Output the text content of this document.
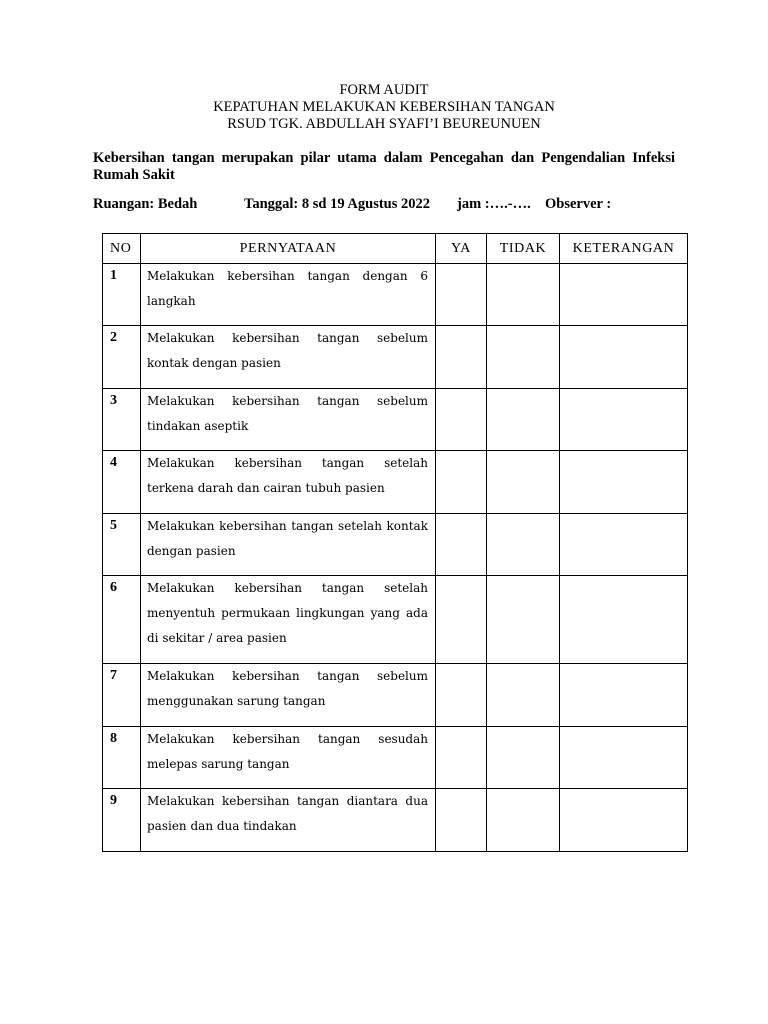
FORM AUDIT
KEPATUHAN MELAKUKAN KEBERSIHAN TANGAN
RSUD TGK. ABDULLAH SYAFI’I BEUREUNUEN
Kebersihan tangan merupakan pilar utama dalam Pencegahan dan Pengendalian Infeksi Rumah Sakit
Ruangan: Bedah	Tanggal: 8 sd 19 Agustus 2022 jam :….-…. Observer :
NO	PERNYATAAN	YA	TIDAK	KETERANGAN
1	Melakukan kebersihan tangan dengan 6 langkah			
2	Melakukan kebersihan tangan sebelum kontak dengan pasien			
3	Melakukan kebersihan tangan sebelum tindakan aseptik			
4	Melakukan kebersihan tangan setelah terkena darah dan cairan tubuh pasien			
5	Melakukan kebersihan tangan setelah kontak dengan pasien			
6	Melakukan kebersihan tangan setelah menyentuh permukaan lingkungan yang ada di sekitar / area pasien			
7	Melakukan kebersihan tangan sebelum menggunakan sarung tangan			
8	Melakukan kebersihan tangan sesudah melepas sarung tangan			
9	Melakukan kebersihan tangan diantara dua pasien dan dua tindakan			
